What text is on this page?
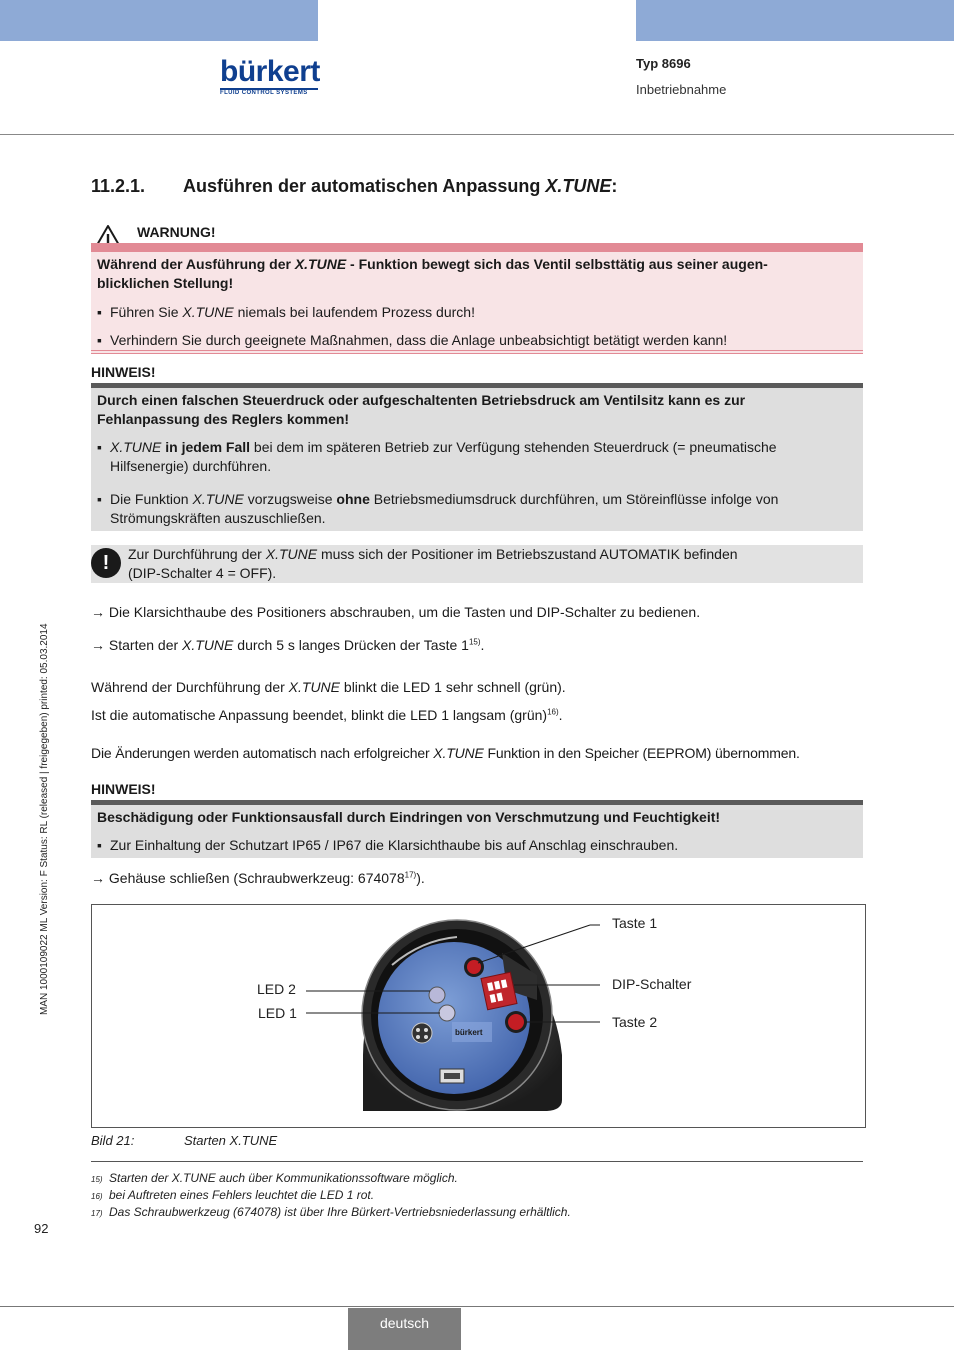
bürkert
FLUID CONTROL SYSTEMS
Typ 8696
Inbetriebnahme
MAN 1000109022 ML Version: F Status: RL (released | freigegeben) printed: 05.03.2014
92
11.2.1. Ausführen der automatischen Anpassung X.TUNE:
WARNUNG!
Während der Ausführung der X.TUNE - Funktion bewegt sich das Ventil selbsttätig aus seiner augen-
blicklichen Stellung!
▪ Führen Sie X.TUNE niemals bei laufendem Prozess durch!
▪ Verhindern Sie durch geeignete Maßnahmen, dass die Anlage unbeabsichtigt betätigt werden kann!
HINWEIS!
Durch einen falschen Steuerdruck oder aufgeschaltenten Betriebsdruck am Ventilsitz kann es zur
Fehlanpassung des Reglers kommen!
▪ X.TUNE in jedem Fall bei dem im späteren Betrieb zur Verfügung stehenden Steuerdruck (= pneumatische
Hilfsenergie) durchführen.
▪ Die Funktion X.TUNE vorzugsweise ohne Betriebsmediumsdruck durchführen, um Störeinflüsse infolge von
Strömungskräften auszuschließen.
!	Zur Durchführung der X.TUNE muss sich der Positioner im Betriebszustand AUTOMATIK befinden
(DIP-Schalter 4 = OFF).
→ Die Klarsichthaube des Positioners abschrauben, um die Tasten und DIP-Schalter zu bedienen.
→ Starten der X.TUNE durch 5 s langes Drücken der Taste 1$^{15)}$.
Während der Durchführung der X.TUNE blinkt die LED 1 sehr schnell (grün).
Ist die automatische Anpassung beendet, blinkt die LED 1 langsam (grün)$^{16)}$.
Die Änderungen werden automatisch nach erfolgreicher X.TUNE Funktion in den Speicher (EEPROM) übernommen.
HINWEIS!
Beschädigung oder Funktionsausfall durch Eindringen von Verschmutzung und Feuchtigkeit!
▪ Zur Einhaltung der Schutzart IP65 / IP67 die Klarsichthaube bis auf Anschlag einschrauben.
→ Gehäuse schließen (Schraubwerkzeug: 674078$^{17)}$).
bürkert
Taste 1
DIP-Schalter
Taste 2
LED 2
LED 1
Bild 21:	Starten X.TUNE
15) Starten der X.TUNE auch über Kommunikationssoftware möglich.
16) bei Auftreten eines Fehlers leuchtet die LED 1 rot.
17) Das Schraubwerkzeug (674078) ist über Ihre Bürkert-Vertriebsniederlassung erhältlich.
deutsch
